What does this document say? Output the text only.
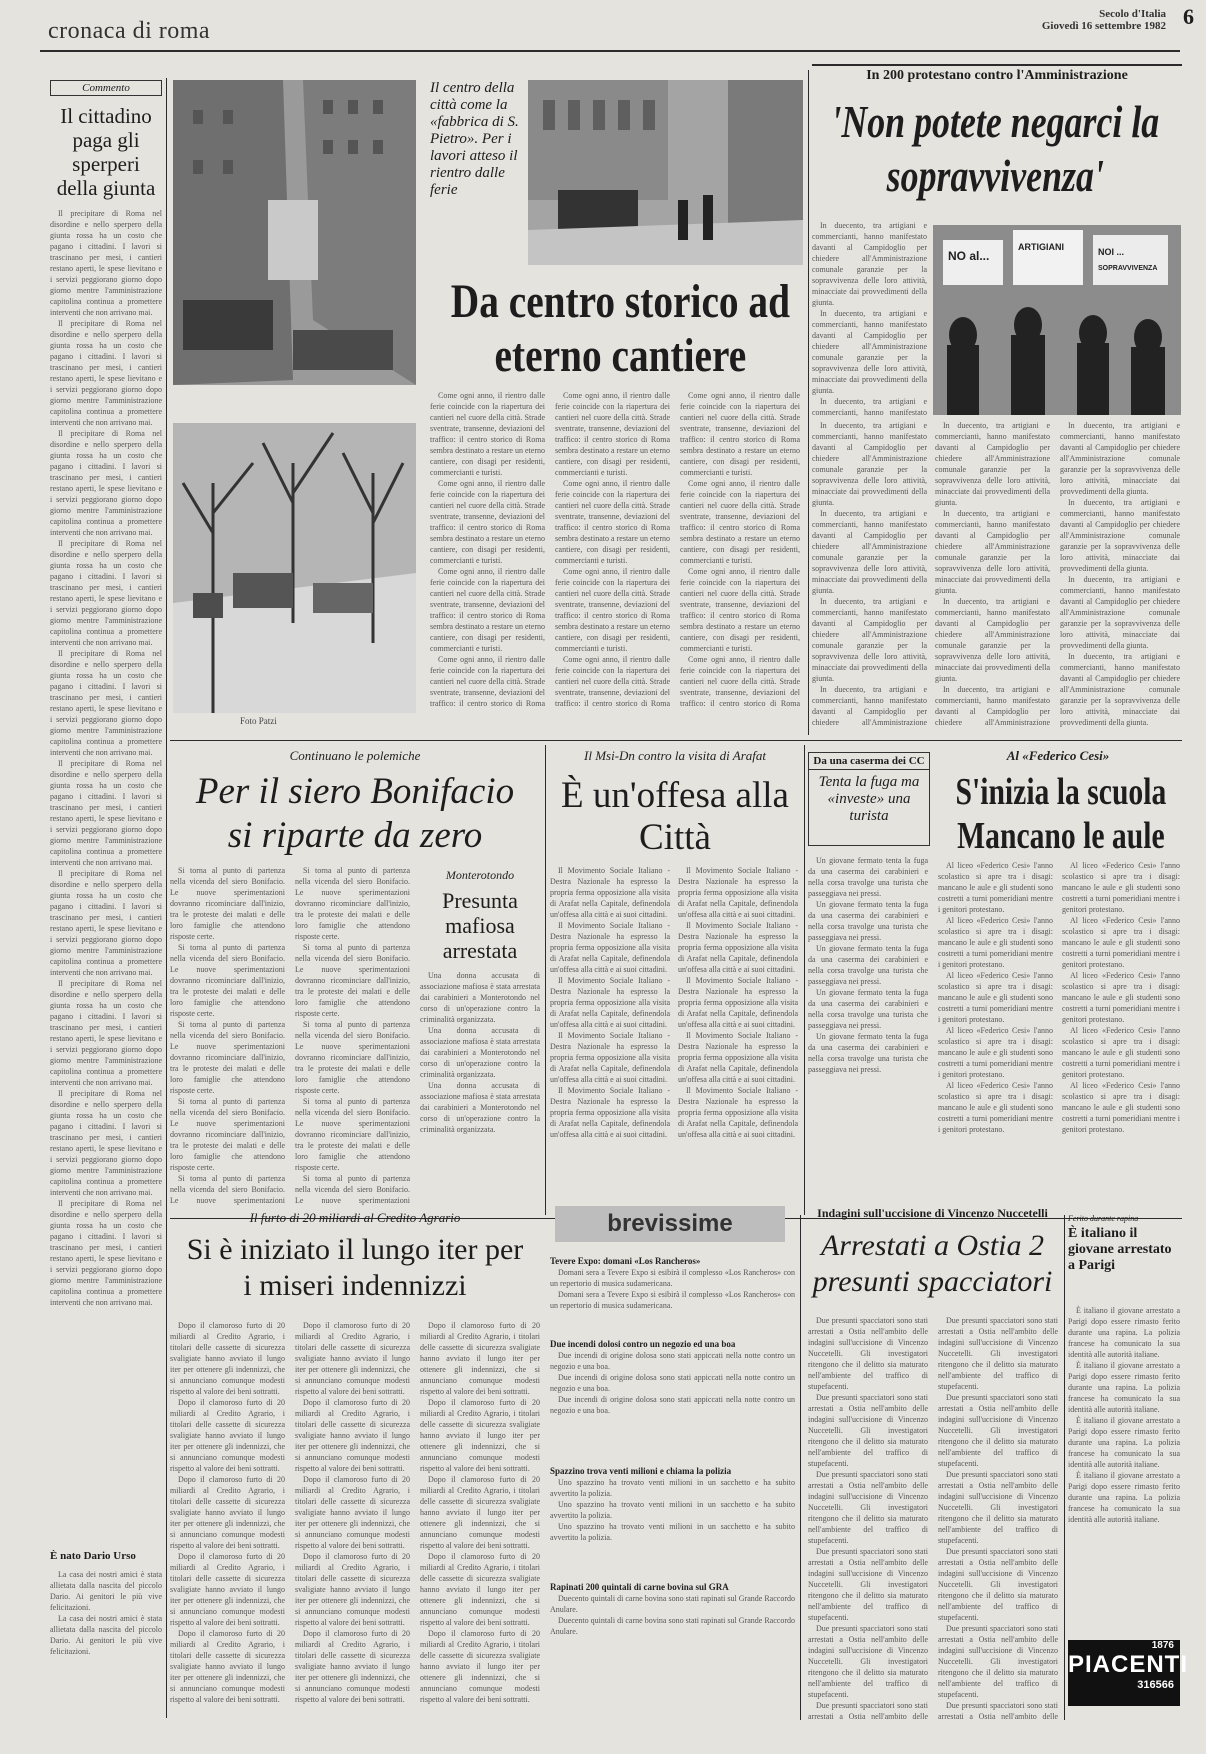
cronaca di roma
Secolo d'Italia
Giovedì 16 settembre 1982 6
Commento
Il cittadino paga gli sperperi della giunta

Il precipitare di Roma nel disordine e nello sperpero della giunta rossa ha un costo che pagano i cittadini. I lavori si trascinano per mesi, i cantieri restano aperti, le spese lievitano e i servizi peggiorano giorno dopo giorno mentre l'amministrazione capitolina continua a promettere interventi che non arrivano mai.

Il precipitare di Roma nel disordine e nello sperpero della giunta rossa ha un costo che pagano i cittadini. I lavori si trascinano per mesi, i cantieri restano aperti, le spese lievitano e i servizi peggiorano giorno dopo giorno mentre l'amministrazione capitolina continua a promettere interventi che non arrivano mai.

Il precipitare di Roma nel disordine e nello sperpero della giunta rossa ha un costo che pagano i cittadini. I lavori si trascinano per mesi, i cantieri restano aperti, le spese lievitano e i servizi peggiorano giorno dopo giorno mentre l'amministrazione capitolina continua a promettere interventi che non arrivano mai.

Il precipitare di Roma nel disordine e nello sperpero della giunta rossa ha un costo che pagano i cittadini. I lavori si trascinano per mesi, i cantieri restano aperti, le spese lievitano e i servizi peggiorano giorno dopo giorno mentre l'amministrazione capitolina continua a promettere interventi che non arrivano mai.

Il precipitare di Roma nel disordine e nello sperpero della giunta rossa ha un costo che pagano i cittadini. I lavori si trascinano per mesi, i cantieri restano aperti, le spese lievitano e i servizi peggiorano giorno dopo giorno mentre l'amministrazione capitolina continua a promettere interventi che non arrivano mai.

Il precipitare di Roma nel disordine e nello sperpero della giunta rossa ha un costo che pagano i cittadini. I lavori si trascinano per mesi, i cantieri restano aperti, le spese lievitano e i servizi peggiorano giorno dopo giorno mentre l'amministrazione capitolina continua a promettere interventi che non arrivano mai.

Il precipitare di Roma nel disordine e nello sperpero della giunta rossa ha un costo che pagano i cittadini. I lavori si trascinano per mesi, i cantieri restano aperti, le spese lievitano e i servizi peggiorano giorno dopo giorno mentre l'amministrazione capitolina continua a promettere interventi che non arrivano mai.

Il precipitare di Roma nel disordine e nello sperpero della giunta rossa ha un costo che pagano i cittadini. I lavori si trascinano per mesi, i cantieri restano aperti, le spese lievitano e i servizi peggiorano giorno dopo giorno mentre l'amministrazione capitolina continua a promettere interventi che non arrivano mai.

Il precipitare di Roma nel disordine e nello sperpero della giunta rossa ha un costo che pagano i cittadini. I lavori si trascinano per mesi, i cantieri restano aperti, le spese lievitano e i servizi peggiorano giorno dopo giorno mentre l'amministrazione capitolina continua a promettere interventi che non arrivano mai.

Il precipitare di Roma nel disordine e nello sperpero della giunta rossa ha un costo che pagano i cittadini. I lavori si trascinano per mesi, i cantieri restano aperti, le spese lievitano e i servizi peggiorano giorno dopo giorno mentre l'amministrazione capitolina continua a promettere interventi che non arrivano mai.

È nato Dario Urso

La casa dei nostri amici è stata allietata dalla nascita del piccolo Dario. Ai genitori le più vive felicitazioni.

La casa dei nostri amici è stata allietata dalla nascita del piccolo Dario. Ai genitori le più vive felicitazioni.

Foto Patzi
Il centro della città come la «fabbrica di S. Pietro». Per i lavori atteso il rientro dalle ferie
Da centro storico ad eterno cantiere

Come ogni anno, il rientro dalle ferie coincide con la riapertura dei cantieri nel cuore della città. Strade sventrate, transenne, deviazioni del traffico: il centro storico di Roma sembra destinato a restare un eterno cantiere, con disagi per residenti, commercianti e turisti.

Come ogni anno, il rientro dalle ferie coincide con la riapertura dei cantieri nel cuore della città. Strade sventrate, transenne, deviazioni del traffico: il centro storico di Roma sembra destinato a restare un eterno cantiere, con disagi per residenti, commercianti e turisti.

Come ogni anno, il rientro dalle ferie coincide con la riapertura dei cantieri nel cuore della città. Strade sventrate, transenne, deviazioni del traffico: il centro storico di Roma sembra destinato a restare un eterno cantiere, con disagi per residenti, commercianti e turisti.

Come ogni anno, il rientro dalle ferie coincide con la riapertura dei cantieri nel cuore della città. Strade sventrate, transenne, deviazioni del traffico: il centro storico di Roma

Come ogni anno, il rientro dalle ferie coincide con la riapertura dei cantieri nel cuore della città. Strade sventrate, transenne, deviazioni del traffico: il centro storico di Roma sembra destinato a restare un eterno cantiere, con disagi per residenti, commercianti e turisti.

Come ogni anno, il rientro dalle ferie coincide con la riapertura dei cantieri nel cuore della città. Strade sventrate, transenne, deviazioni del traffico: il centro storico di Roma sembra destinato a restare un eterno cantiere, con disagi per residenti, commercianti e turisti.

Come ogni anno, il rientro dalle ferie coincide con la riapertura dei cantieri nel cuore della città. Strade sventrate, transenne, deviazioni del traffico: il centro storico di Roma sembra destinato a restare un eterno cantiere, con disagi per residenti, commercianti e turisti.

Come ogni anno, il rientro dalle ferie coincide con la riapertura dei cantieri nel cuore della città. Strade sventrate, transenne, deviazioni del traffico: il centro storico di Roma

Come ogni anno, il rientro dalle ferie coincide con la riapertura dei cantieri nel cuore della città. Strade sventrate, transenne, deviazioni del traffico: il centro storico di Roma sembra destinato a restare un eterno cantiere, con disagi per residenti, commercianti e turisti.

Come ogni anno, il rientro dalle ferie coincide con la riapertura dei cantieri nel cuore della città. Strade sventrate, transenne, deviazioni del traffico: il centro storico di Roma sembra destinato a restare un eterno cantiere, con disagi per residenti, commercianti e turisti.

Come ogni anno, il rientro dalle ferie coincide con la riapertura dei cantieri nel cuore della città. Strade sventrate, transenne, deviazioni del traffico: il centro storico di Roma sembra destinato a restare un eterno cantiere, con disagi per residenti, commercianti e turisti.

Come ogni anno, il rientro dalle ferie coincide con la riapertura dei cantieri nel cuore della città. Strade sventrate, transenne, deviazioni del traffico: il centro storico di Roma

In 200 protestano contro l'Amministrazione
'Non potete negarci la sopravvivenza'

In duecento, tra artigiani e commercianti, hanno manifestato davanti al Campidoglio per chiedere all'Amministrazione comunale garanzie per la sopravvivenza delle loro attività, minacciate dai provvedimenti della giunta.

In duecento, tra artigiani e commercianti, hanno manifestato davanti al Campidoglio per chiedere all'Amministrazione comunale garanzie per la sopravvivenza delle loro attività, minacciate dai provvedimenti della giunta.

In duecento, tra artigiani e commercianti, hanno manifestato

NO al...
ARTIGIANI	NOI ...
SOPRAVVIVENZA

In duecento, tra artigiani e commercianti, hanno manifestato davanti al Campidoglio per chiedere all'Amministrazione comunale garanzie per la sopravvivenza delle loro attività, minacciate dai provvedimenti della giunta.

In duecento, tra artigiani e commercianti, hanno manifestato davanti al Campidoglio per chiedere all'Amministrazione comunale garanzie per la sopravvivenza delle loro attività, minacciate dai provvedimenti della giunta.

In duecento, tra artigiani e commercianti, hanno manifestato davanti al Campidoglio per chiedere all'Amministrazione comunale garanzie per la sopravvivenza delle loro attività, minacciate dai provvedimenti della giunta.

In duecento, tra artigiani e commercianti, hanno manifestato davanti al Campidoglio per chiedere all'Amministrazione

In duecento, tra artigiani e commercianti, hanno manifestato davanti al Campidoglio per chiedere all'Amministrazione comunale garanzie per la sopravvivenza delle loro attività, minacciate dai provvedimenti della giunta.

In duecento, tra artigiani e commercianti, hanno manifestato davanti al Campidoglio per chiedere all'Amministrazione comunale garanzie per la sopravvivenza delle loro attività, minacciate dai provvedimenti della giunta.

In duecento, tra artigiani e commercianti, hanno manifestato davanti al Campidoglio per chiedere all'Amministrazione comunale garanzie per la sopravvivenza delle loro attività, minacciate dai provvedimenti della giunta.

In duecento, tra artigiani e commercianti, hanno manifestato davanti al Campidoglio per chiedere all'Amministrazione

In duecento, tra artigiani e commercianti, hanno manifestato davanti al Campidoglio per chiedere all'Amministrazione comunale garanzie per la sopravvivenza delle loro attività, minacciate dai provvedimenti della giunta.

In duecento, tra artigiani e commercianti, hanno manifestato davanti al Campidoglio per chiedere all'Amministrazione comunale garanzie per la sopravvivenza delle loro attività, minacciate dai provvedimenti della giunta.

In duecento, tra artigiani e commercianti, hanno manifestato davanti al Campidoglio per chiedere all'Amministrazione comunale garanzie per la sopravvivenza delle loro attività, minacciate dai provvedimenti della giunta.

In duecento, tra artigiani e commercianti, hanno manifestato davanti al Campidoglio per chiedere all'Amministrazione comunale garanzie per la sopravvivenza delle loro attività, minacciate dai provvedimenti della giunta.

Continuano le polemiche
Per il siero Bonifacio si riparte da zero

Si torna al punto di partenza nella vicenda del siero Bonifacio. Le nuove sperimentazioni dovranno ricominciare dall'inizio, tra le proteste dei malati e delle loro famiglie che attendono risposte certe.

Si torna al punto di partenza nella vicenda del siero Bonifacio. Le nuove sperimentazioni dovranno ricominciare dall'inizio, tra le proteste dei malati e delle loro famiglie che attendono risposte certe.

Si torna al punto di partenza nella vicenda del siero Bonifacio. Le nuove sperimentazioni dovranno ricominciare dall'inizio, tra le proteste dei malati e delle loro famiglie che attendono risposte certe.

Si torna al punto di partenza nella vicenda del siero Bonifacio. Le nuove sperimentazioni dovranno ricominciare dall'inizio, tra le proteste dei malati e delle loro famiglie che attendono risposte certe.

Si torna al punto di partenza nella vicenda del siero Bonifacio. Le nuove sperimentazioni

Si torna al punto di partenza nella vicenda del siero Bonifacio. Le nuove sperimentazioni dovranno ricominciare dall'inizio, tra le proteste dei malati e delle loro famiglie che attendono risposte certe.

Si torna al punto di partenza nella vicenda del siero Bonifacio. Le nuove sperimentazioni dovranno ricominciare dall'inizio, tra le proteste dei malati e delle loro famiglie che attendono risposte certe.

Si torna al punto di partenza nella vicenda del siero Bonifacio. Le nuove sperimentazioni dovranno ricominciare dall'inizio, tra le proteste dei malati e delle loro famiglie che attendono risposte certe.

Si torna al punto di partenza nella vicenda del siero Bonifacio. Le nuove sperimentazioni dovranno ricominciare dall'inizio, tra le proteste dei malati e delle loro famiglie che attendono risposte certe.

Si torna al punto di partenza nella vicenda del siero Bonifacio. Le nuove sperimentazioni

Monterotondo
Presunta mafiosa arrestata

Una donna accusata di associazione mafiosa è stata arrestata dai carabinieri a Monterotondo nel corso di un'operazione contro la criminalità organizzata.

Una donna accusata di associazione mafiosa è stata arrestata dai carabinieri a Monterotondo nel corso di un'operazione contro la criminalità organizzata.

Una donna accusata di associazione mafiosa è stata arrestata dai carabinieri a Monterotondo nel corso di un'operazione contro la criminalità organizzata.

Il Msi-Dn contro la visita di Arafat
È un'offesa alla Città

Il Movimento Sociale Italiano - Destra Nazionale ha espresso la propria ferma opposizione alla visita di Arafat nella Capitale, definendola un'offesa alla città e ai suoi cittadini.

Il Movimento Sociale Italiano - Destra Nazionale ha espresso la propria ferma opposizione alla visita di Arafat nella Capitale, definendola un'offesa alla città e ai suoi cittadini.

Il Movimento Sociale Italiano - Destra Nazionale ha espresso la propria ferma opposizione alla visita di Arafat nella Capitale, definendola un'offesa alla città e ai suoi cittadini.

Il Movimento Sociale Italiano - Destra Nazionale ha espresso la propria ferma opposizione alla visita di Arafat nella Capitale, definendola un'offesa alla città e ai suoi cittadini.

Il Movimento Sociale Italiano - Destra Nazionale ha espresso la propria ferma opposizione alla visita di Arafat nella Capitale, definendola un'offesa alla città e ai suoi cittadini.

Il Movimento Sociale Italiano - Destra Nazionale ha espresso la propria ferma opposizione alla visita di Arafat nella Capitale, definendola un'offesa alla città e ai suoi cittadini.

Il Movimento Sociale Italiano - Destra Nazionale ha espresso la propria ferma opposizione alla visita di Arafat nella Capitale, definendola un'offesa alla città e ai suoi cittadini.

Il Movimento Sociale Italiano - Destra Nazionale ha espresso la propria ferma opposizione alla visita di Arafat nella Capitale, definendola un'offesa alla città e ai suoi cittadini.

Il Movimento Sociale Italiano - Destra Nazionale ha espresso la propria ferma opposizione alla visita di Arafat nella Capitale, definendola un'offesa alla città e ai suoi cittadini.

Il Movimento Sociale Italiano - Destra Nazionale ha espresso la propria ferma opposizione alla visita di Arafat nella Capitale, definendola un'offesa alla città e ai suoi cittadini.

Da una caserma dei CC
Tenta la fuga ma «investe» una turista

Un giovane fermato tenta la fuga da una caserma dei carabinieri e nella corsa travolge una turista che passeggiava nei pressi.

Un giovane fermato tenta la fuga da una caserma dei carabinieri e nella corsa travolge una turista che passeggiava nei pressi.

Un giovane fermato tenta la fuga da una caserma dei carabinieri e nella corsa travolge una turista che passeggiava nei pressi.

Un giovane fermato tenta la fuga da una caserma dei carabinieri e nella corsa travolge una turista che passeggiava nei pressi.

Un giovane fermato tenta la fuga da una caserma dei carabinieri e nella corsa travolge una turista che passeggiava nei pressi.

Al «Federico Cesi»
S'inizia la scuola Mancano le aule

Al liceo «Federico Cesi» l'anno scolastico si apre tra i disagi: mancano le aule e gli studenti sono costretti a turni pomeridiani mentre i genitori protestano.

Al liceo «Federico Cesi» l'anno scolastico si apre tra i disagi: mancano le aule e gli studenti sono costretti a turni pomeridiani mentre i genitori protestano.

Al liceo «Federico Cesi» l'anno scolastico si apre tra i disagi: mancano le aule e gli studenti sono costretti a turni pomeridiani mentre i genitori protestano.

Al liceo «Federico Cesi» l'anno scolastico si apre tra i disagi: mancano le aule e gli studenti sono costretti a turni pomeridiani mentre i genitori protestano.

Al liceo «Federico Cesi» l'anno scolastico si apre tra i disagi: mancano le aule e gli studenti sono costretti a turni pomeridiani mentre i genitori protestano.

Al liceo «Federico Cesi» l'anno scolastico si apre tra i disagi: mancano le aule e gli studenti sono costretti a turni pomeridiani mentre i genitori protestano.

Al liceo «Federico Cesi» l'anno scolastico si apre tra i disagi: mancano le aule e gli studenti sono costretti a turni pomeridiani mentre i genitori protestano.

Al liceo «Federico Cesi» l'anno scolastico si apre tra i disagi: mancano le aule e gli studenti sono costretti a turni pomeridiani mentre i genitori protestano.

Al liceo «Federico Cesi» l'anno scolastico si apre tra i disagi: mancano le aule e gli studenti sono costretti a turni pomeridiani mentre i genitori protestano.

Al liceo «Federico Cesi» l'anno scolastico si apre tra i disagi: mancano le aule e gli studenti sono costretti a turni pomeridiani mentre i genitori protestano.

Il furto di 20 miliardi al Credito Agrario
Si è iniziato il lungo iter per i miseri indennizzi

Dopo il clamoroso furto di 20 miliardi al Credito Agrario, i titolari delle cassette di sicurezza svaligiate hanno avviato il lungo iter per ottenere gli indennizzi, che si annunciano comunque modesti rispetto al valore dei beni sottratti.

Dopo il clamoroso furto di 20 miliardi al Credito Agrario, i titolari delle cassette di sicurezza svaligiate hanno avviato il lungo iter per ottenere gli indennizzi, che si annunciano comunque modesti rispetto al valore dei beni sottratti.

Dopo il clamoroso furto di 20 miliardi al Credito Agrario, i titolari delle cassette di sicurezza svaligiate hanno avviato il lungo iter per ottenere gli indennizzi, che si annunciano comunque modesti rispetto al valore dei beni sottratti.

Dopo il clamoroso furto di 20 miliardi al Credito Agrario, i titolari delle cassette di sicurezza svaligiate hanno avviato il lungo iter per ottenere gli indennizzi, che si annunciano comunque modesti rispetto al valore dei beni sottratti.

Dopo il clamoroso furto di 20 miliardi al Credito Agrario, i titolari delle cassette di sicurezza svaligiate hanno avviato il lungo iter per ottenere gli indennizzi, che si annunciano comunque modesti rispetto al valore dei beni sottratti.

Dopo il clamoroso furto di 20 miliardi al Credito Agrario, i titolari delle cassette di sicurezza svaligiate hanno avviato il lungo iter per ottenere gli indennizzi, che si annunciano comunque modesti rispetto al valore dei beni sottratti.

Dopo il clamoroso furto di 20 miliardi al Credito Agrario, i titolari delle cassette di sicurezza svaligiate hanno avviato il lungo iter per ottenere gli indennizzi, che si annunciano comunque modesti rispetto al valore dei beni sottratti.

Dopo il clamoroso furto di 20 miliardi al Credito Agrario, i titolari delle cassette di sicurezza svaligiate hanno avviato il lungo iter per ottenere gli indennizzi, che si annunciano comunque modesti rispetto al valore dei beni sottratti.

Dopo il clamoroso furto di 20 miliardi al Credito Agrario, i titolari delle cassette di sicurezza svaligiate hanno avviato il lungo iter per ottenere gli indennizzi, che si annunciano comunque modesti rispetto al valore dei beni sottratti.

Dopo il clamoroso furto di 20 miliardi al Credito Agrario, i titolari delle cassette di sicurezza svaligiate hanno avviato il lungo iter per ottenere gli indennizzi, che si annunciano comunque modesti rispetto al valore dei beni sottratti.

Dopo il clamoroso furto di 20 miliardi al Credito Agrario, i titolari delle cassette di sicurezza svaligiate hanno avviato il lungo iter per ottenere gli indennizzi, che si annunciano comunque modesti rispetto al valore dei beni sottratti.

Dopo il clamoroso furto di 20 miliardi al Credito Agrario, i titolari delle cassette di sicurezza svaligiate hanno avviato il lungo iter per ottenere gli indennizzi, che si annunciano comunque modesti rispetto al valore dei beni sottratti.

Dopo il clamoroso furto di 20 miliardi al Credito Agrario, i titolari delle cassette di sicurezza svaligiate hanno avviato il lungo iter per ottenere gli indennizzi, che si annunciano comunque modesti rispetto al valore dei beni sottratti.

Dopo il clamoroso furto di 20 miliardi al Credito Agrario, i titolari delle cassette di sicurezza svaligiate hanno avviato il lungo iter per ottenere gli indennizzi, che si annunciano comunque modesti rispetto al valore dei beni sottratti.

Dopo il clamoroso furto di 20 miliardi al Credito Agrario, i titolari delle cassette di sicurezza svaligiate hanno avviato il lungo iter per ottenere gli indennizzi, che si annunciano comunque modesti rispetto al valore dei beni sottratti.

brevissime
Tevere Expo: domani «Los Rancheros»

Domani sera a Tevere Expo si esibirà il complesso «Los Rancheros» con un repertorio di musica sudamericana.

Domani sera a Tevere Expo si esibirà il complesso «Los Rancheros» con un repertorio di musica sudamericana.

Due incendi dolosi contro un negozio ed una boa

Due incendi di origine dolosa sono stati appiccati nella notte contro un negozio e una boa.

Due incendi di origine dolosa sono stati appiccati nella notte contro un negozio e una boa.

Due incendi di origine dolosa sono stati appiccati nella notte contro un negozio e una boa.

Spazzino trova venti milioni e chiama la polizia

Uno spazzino ha trovato venti milioni in un sacchetto e ha subito avvertito la polizia.

Uno spazzino ha trovato venti milioni in un sacchetto e ha subito avvertito la polizia.

Uno spazzino ha trovato venti milioni in un sacchetto e ha subito avvertito la polizia.

Rapinati 200 quintali di carne bovina sul GRA

Duecento quintali di carne bovina sono stati rapinati sul Grande Raccordo Anulare.

Duecento quintali di carne bovina sono stati rapinati sul Grande Raccordo Anulare.

Indagini sull'uccisione di Vincenzo Nuccetelli
Arrestati a Ostia 2 presunti spacciatori

Due presunti spacciatori sono stati arrestati a Ostia nell'ambito delle indagini sull'uccisione di Vincenzo Nuccetelli. Gli investigatori ritengono che il delitto sia maturato nell'ambiente del traffico di stupefacenti.

Due presunti spacciatori sono stati arrestati a Ostia nell'ambito delle indagini sull'uccisione di Vincenzo Nuccetelli. Gli investigatori ritengono che il delitto sia maturato nell'ambiente del traffico di stupefacenti.

Due presunti spacciatori sono stati arrestati a Ostia nell'ambito delle indagini sull'uccisione di Vincenzo Nuccetelli. Gli investigatori ritengono che il delitto sia maturato nell'ambiente del traffico di stupefacenti.

Due presunti spacciatori sono stati arrestati a Ostia nell'ambito delle indagini sull'uccisione di Vincenzo Nuccetelli. Gli investigatori ritengono che il delitto sia maturato nell'ambiente del traffico di stupefacenti.

Due presunti spacciatori sono stati arrestati a Ostia nell'ambito delle indagini sull'uccisione di Vincenzo Nuccetelli. Gli investigatori ritengono che il delitto sia maturato nell'ambiente del traffico di stupefacenti.

Due presunti spacciatori sono stati arrestati a Ostia nell'ambito delle

Due presunti spacciatori sono stati arrestati a Ostia nell'ambito delle indagini sull'uccisione di Vincenzo Nuccetelli. Gli investigatori ritengono che il delitto sia maturato nell'ambiente del traffico di stupefacenti.

Due presunti spacciatori sono stati arrestati a Ostia nell'ambito delle indagini sull'uccisione di Vincenzo Nuccetelli. Gli investigatori ritengono che il delitto sia maturato nell'ambiente del traffico di stupefacenti.

Due presunti spacciatori sono stati arrestati a Ostia nell'ambito delle indagini sull'uccisione di Vincenzo Nuccetelli. Gli investigatori ritengono che il delitto sia maturato nell'ambiente del traffico di stupefacenti.

Due presunti spacciatori sono stati arrestati a Ostia nell'ambito delle indagini sull'uccisione di Vincenzo Nuccetelli. Gli investigatori ritengono che il delitto sia maturato nell'ambiente del traffico di stupefacenti.

Due presunti spacciatori sono stati arrestati a Ostia nell'ambito delle indagini sull'uccisione di Vincenzo Nuccetelli. Gli investigatori ritengono che il delitto sia maturato nell'ambiente del traffico di stupefacenti.

Due presunti spacciatori sono stati arrestati a Ostia nell'ambito delle

Ferito durante rapina
È italiano il giovane arrestato a Parigi

È italiano il giovane arrestato a Parigi dopo essere rimasto ferito durante una rapina. La polizia francese ha comunicato la sua identità alle autorità italiane.

È italiano il giovane arrestato a Parigi dopo essere rimasto ferito durante una rapina. La polizia francese ha comunicato la sua identità alle autorità italiane.

È italiano il giovane arrestato a Parigi dopo essere rimasto ferito durante una rapina. La polizia francese ha comunicato la sua identità alle autorità italiane.

È italiano il giovane arrestato a Parigi dopo essere rimasto ferito durante una rapina. La polizia francese ha comunicato la sua identità alle autorità italiane.

1876
PIACENTI
316566
